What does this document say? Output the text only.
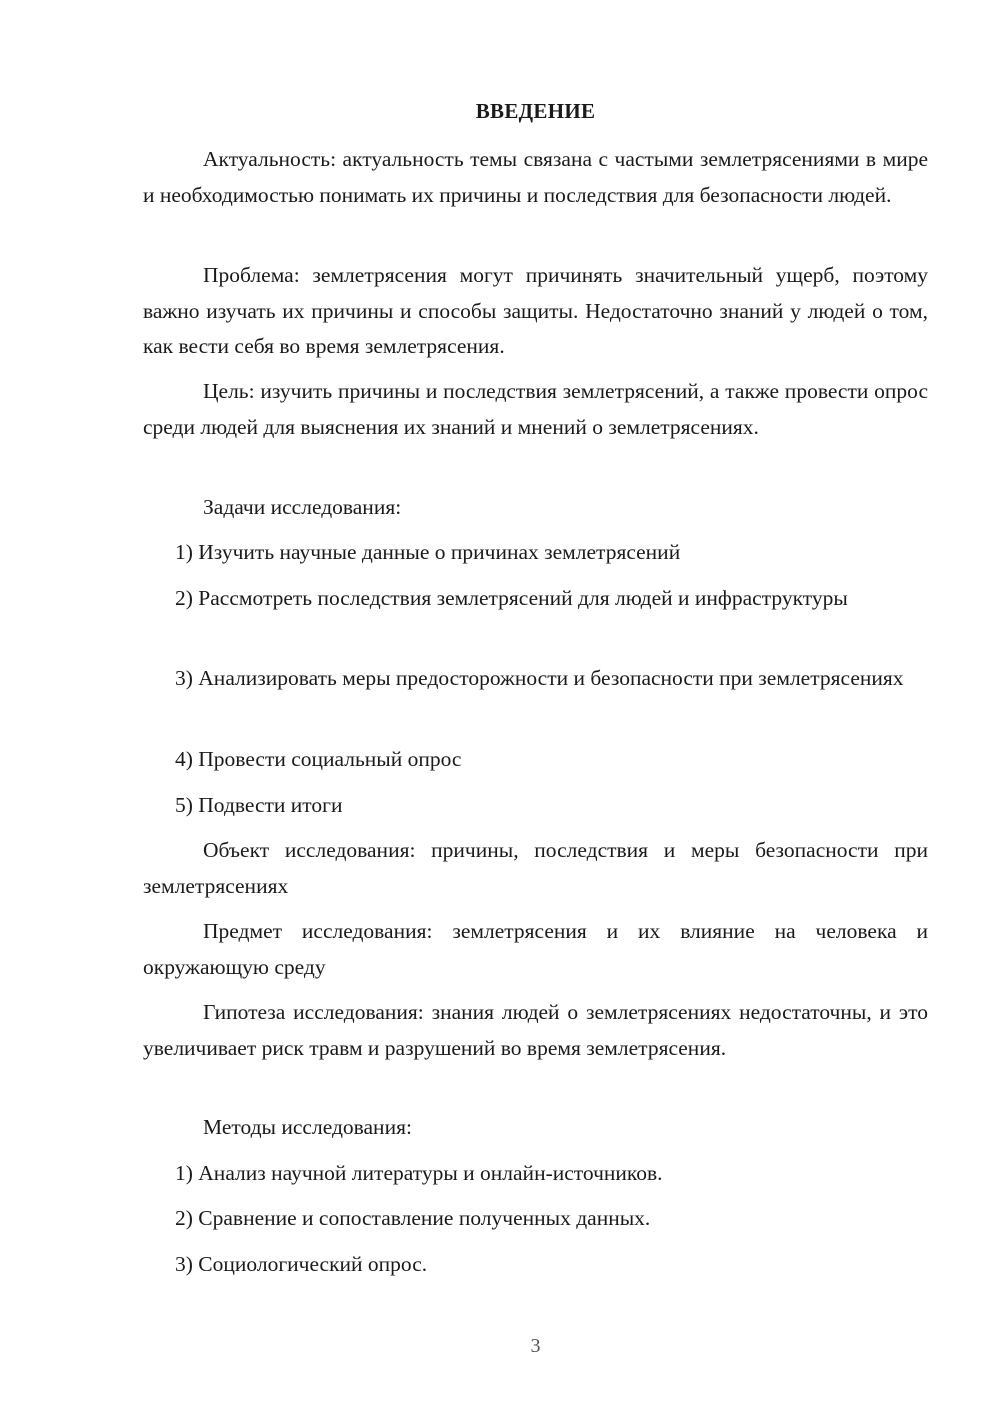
ВВЕДЕНИЕ

Актуальность: актуальность темы связана с частыми землетрясениями в мире и необходимостью понимать их причины и последствия для безопасности людей.

Проблема: землетрясения могут причинять значительный ущерб, поэтому важно изучать их причины и способы защиты. Недостаточно знаний у людей о том, как вести себя во время землетрясения.

Цель: изучить причины и последствия землетрясений, а также провести опрос среди людей для выяснения их знаний и мнений о землетрясениях.

Задачи исследования:

1) Изучить научные данные о причинах землетрясений

2) Рассмотреть последствия землетрясений для людей и инфраструктуры

3) Анализировать меры предосторожности и безопасности при землетрясениях

4) Провести социальный опрос

5) Подвести итоги

Объект исследования: причины, последствия и меры безопасности при землетрясениях

Предмет исследования: землетрясения и их влияние на человека и окружающую среду

Гипотеза исследования: знания людей о землетрясениях недостаточны, и это увеличивает риск травм и разрушений во время землетрясения.

Методы исследования:

1) Анализ научной литературы и онлайн-источников.

2) Сравнение и сопоставление полученных данных.

3) Социологический опрос.

3
